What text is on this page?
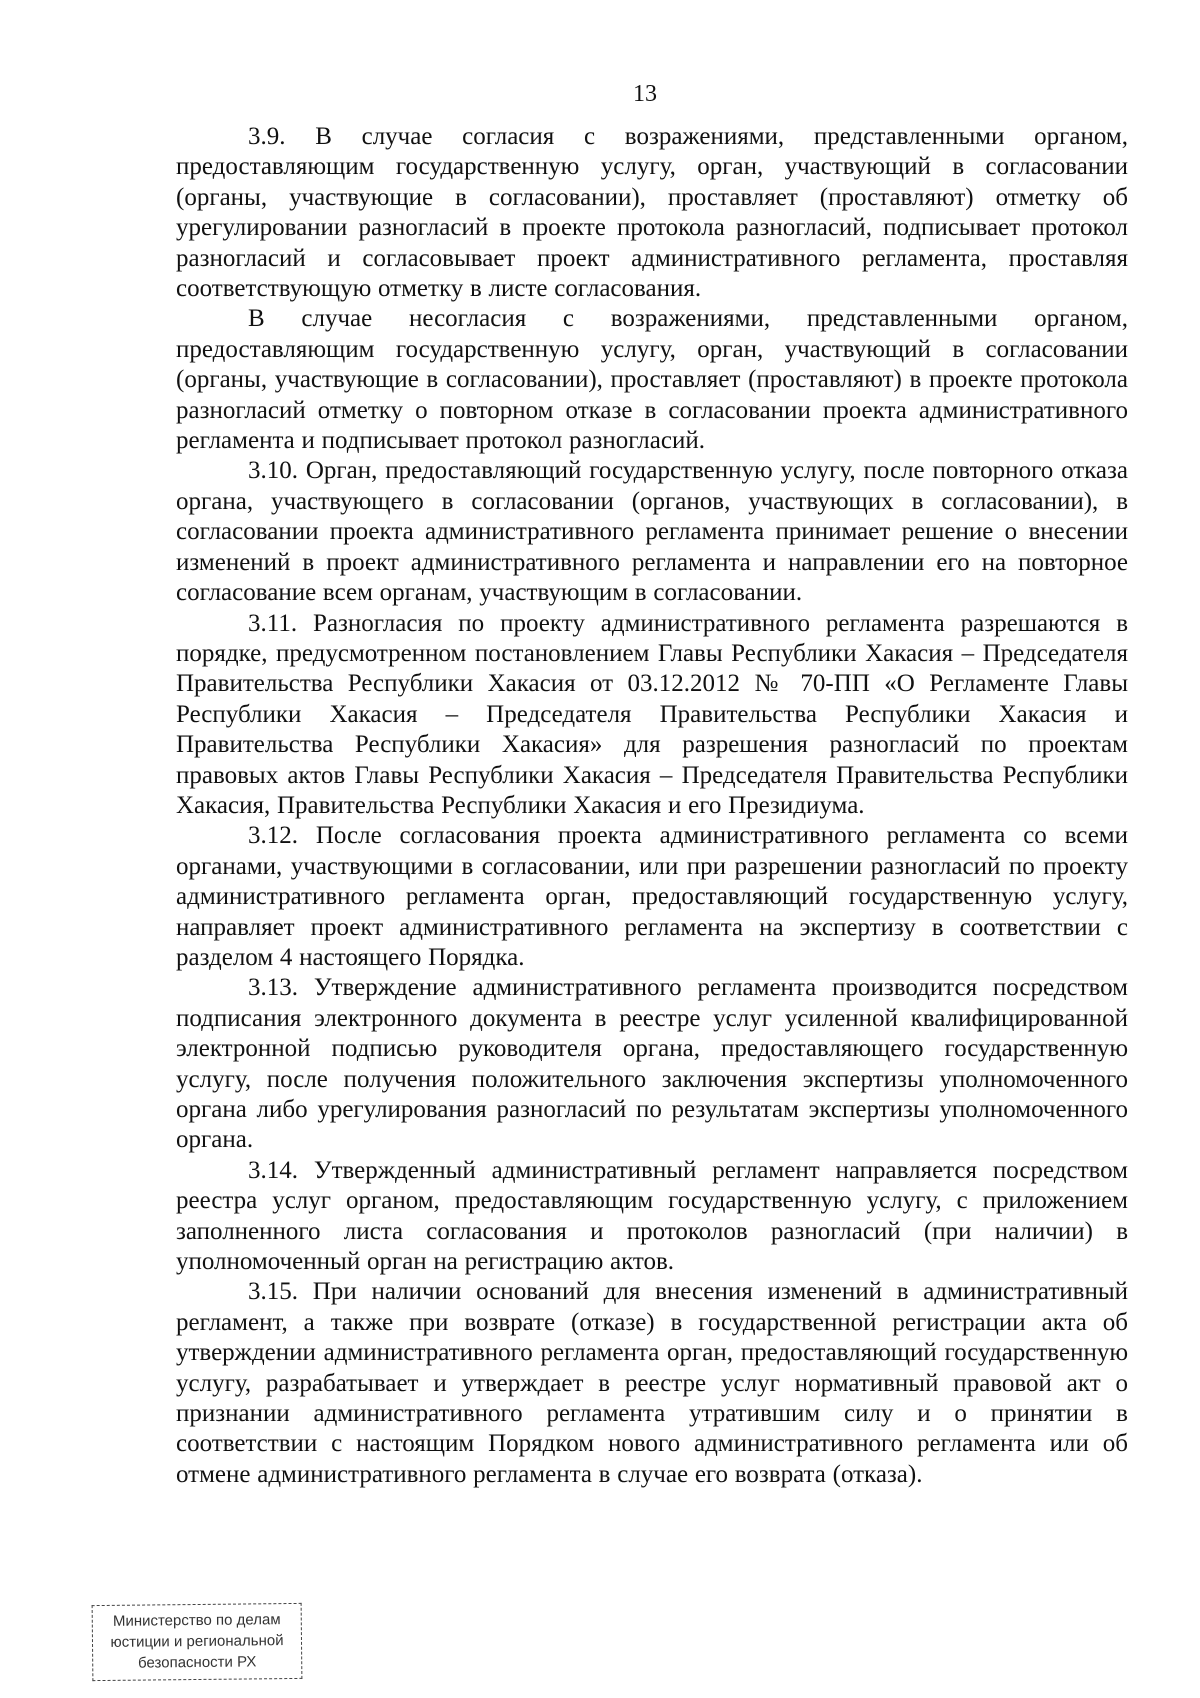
13

3.9. В случае согласия с возражениями, представленными органом, предоставляющим государственную услугу, орган, участвующий в согласовании (органы, участвующие в согласовании), проставляет (проставляют) отметку об урегулировании разногласий в проекте протокола разногласий, подписывает протокол разногласий и согласовывает проект административного регламента, проставляя соответствующую отметку в листе согласования.

В случае несогласия с возражениями, представленными органом, предоставляющим государственную услугу, орган, участвующий в согласовании (органы, участвующие в согласовании), проставляет (проставляют) в проекте протокола разногласий отметку о повторном отказе в согласовании проекта административного регламента и подписывает протокол разногласий.

3.10. Орган, предоставляющий государственную услугу, после повторного отказа органа, участвующего в согласовании (органов, участвующих в согласовании), в согласовании проекта административного регламента принимает решение о внесении изменений в проект административного регламента и направлении его на повторное согласование всем органам, участвующим в согласовании.

3.11. Разногласия по проекту административного регламента разрешаются в порядке, предусмотренном постановлением Главы Республики Хакасия – Председателя Правительства Республики Хакасия от 03.12.2012 № 70-ПП «О Регламенте Главы Республики Хакасия – Председателя Правительства Республики Хакасия и Правительства Республики Хакасия» для разрешения разногласий по проектам правовых актов Главы Республики Хакасия – Председателя Правительства Республики Хакасия, Правительства Республики Хакасия и его Президиума.

3.12. После согласования проекта административного регламента со всеми органами, участвующими в согласовании, или при разрешении разногласий по проекту административного регламента орган, предоставляющий государственную услугу, направляет проект административного регламента на экспертизу в соответствии с разделом 4 настоящего Порядка.

3.13. Утверждение административного регламента производится посредством подписания электронного документа в реестре услуг усиленной квалифицированной электронной подписью руководителя органа, предоставляющего государственную услугу, после получения положительного заключения экспертизы уполномоченного органа либо урегулирования разногласий по результатам экспертизы уполномоченного органа.

3.14. Утвержденный административный регламент направляется посредством реестра услуг органом, предоставляющим государственную услугу, с приложением заполненного листа согласования и протоколов разногласий (при наличии) в уполномоченный орган на регистрацию актов.

3.15. При наличии оснований для внесения изменений в административный регламент, а также при возврате (отказе) в государственной регистрации акта об утверждении административного регламента орган, предоставляющий государственную услугу, разрабатывает и утверждает в реестре услуг нормативный правовой акт о признании административного регламента утратившим силу и о принятии в соответствии с настоящим Порядком нового административного регламента или об отмене административного регламента в случае его возврата (отказа).

Министерство по делам
юстиции и региональной
безопасности РХ
